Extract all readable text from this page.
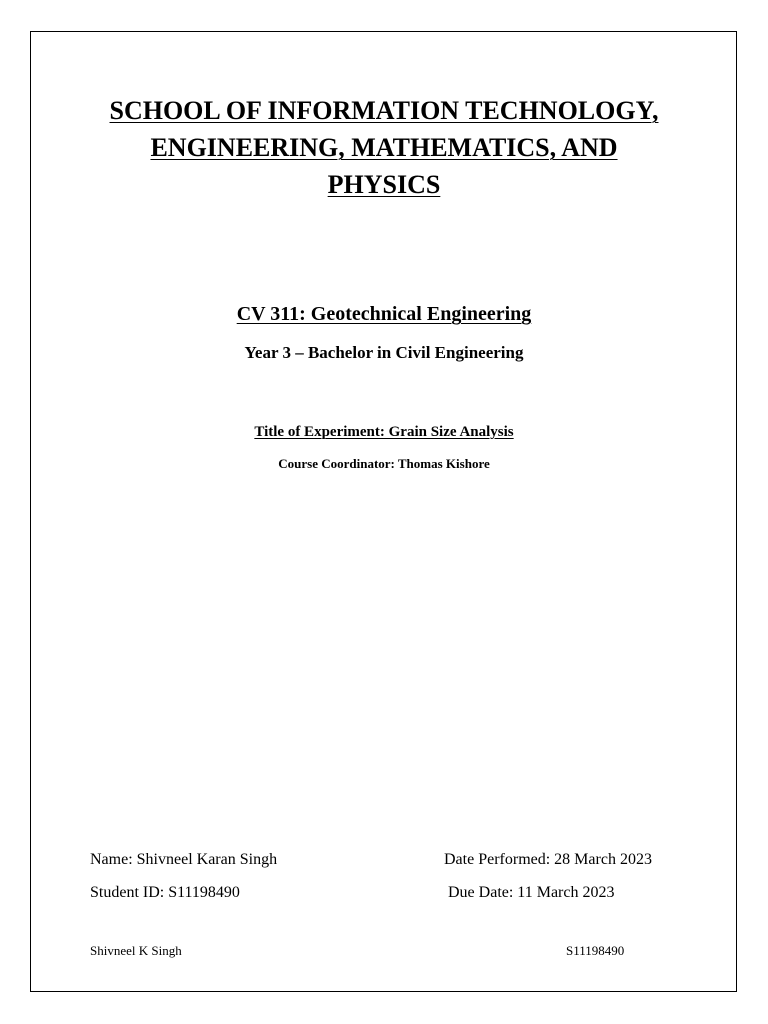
SCHOOL OF INFORMATION TECHNOLOGY,
ENGINEERING, MATHEMATICS, AND
PHYSICS
CV 311: Geotechnical Engineering
Year 3 – Bachelor in Civil Engineering
Title of Experiment: Grain Size Analysis
Course Coordinator: Thomas Kishore
Name: Shivneel Karan Singh
Student ID: S11198490
Date Performed: 28 March 2023
Due Date: 11 March 2023
Shivneel K Singh	S11198490
